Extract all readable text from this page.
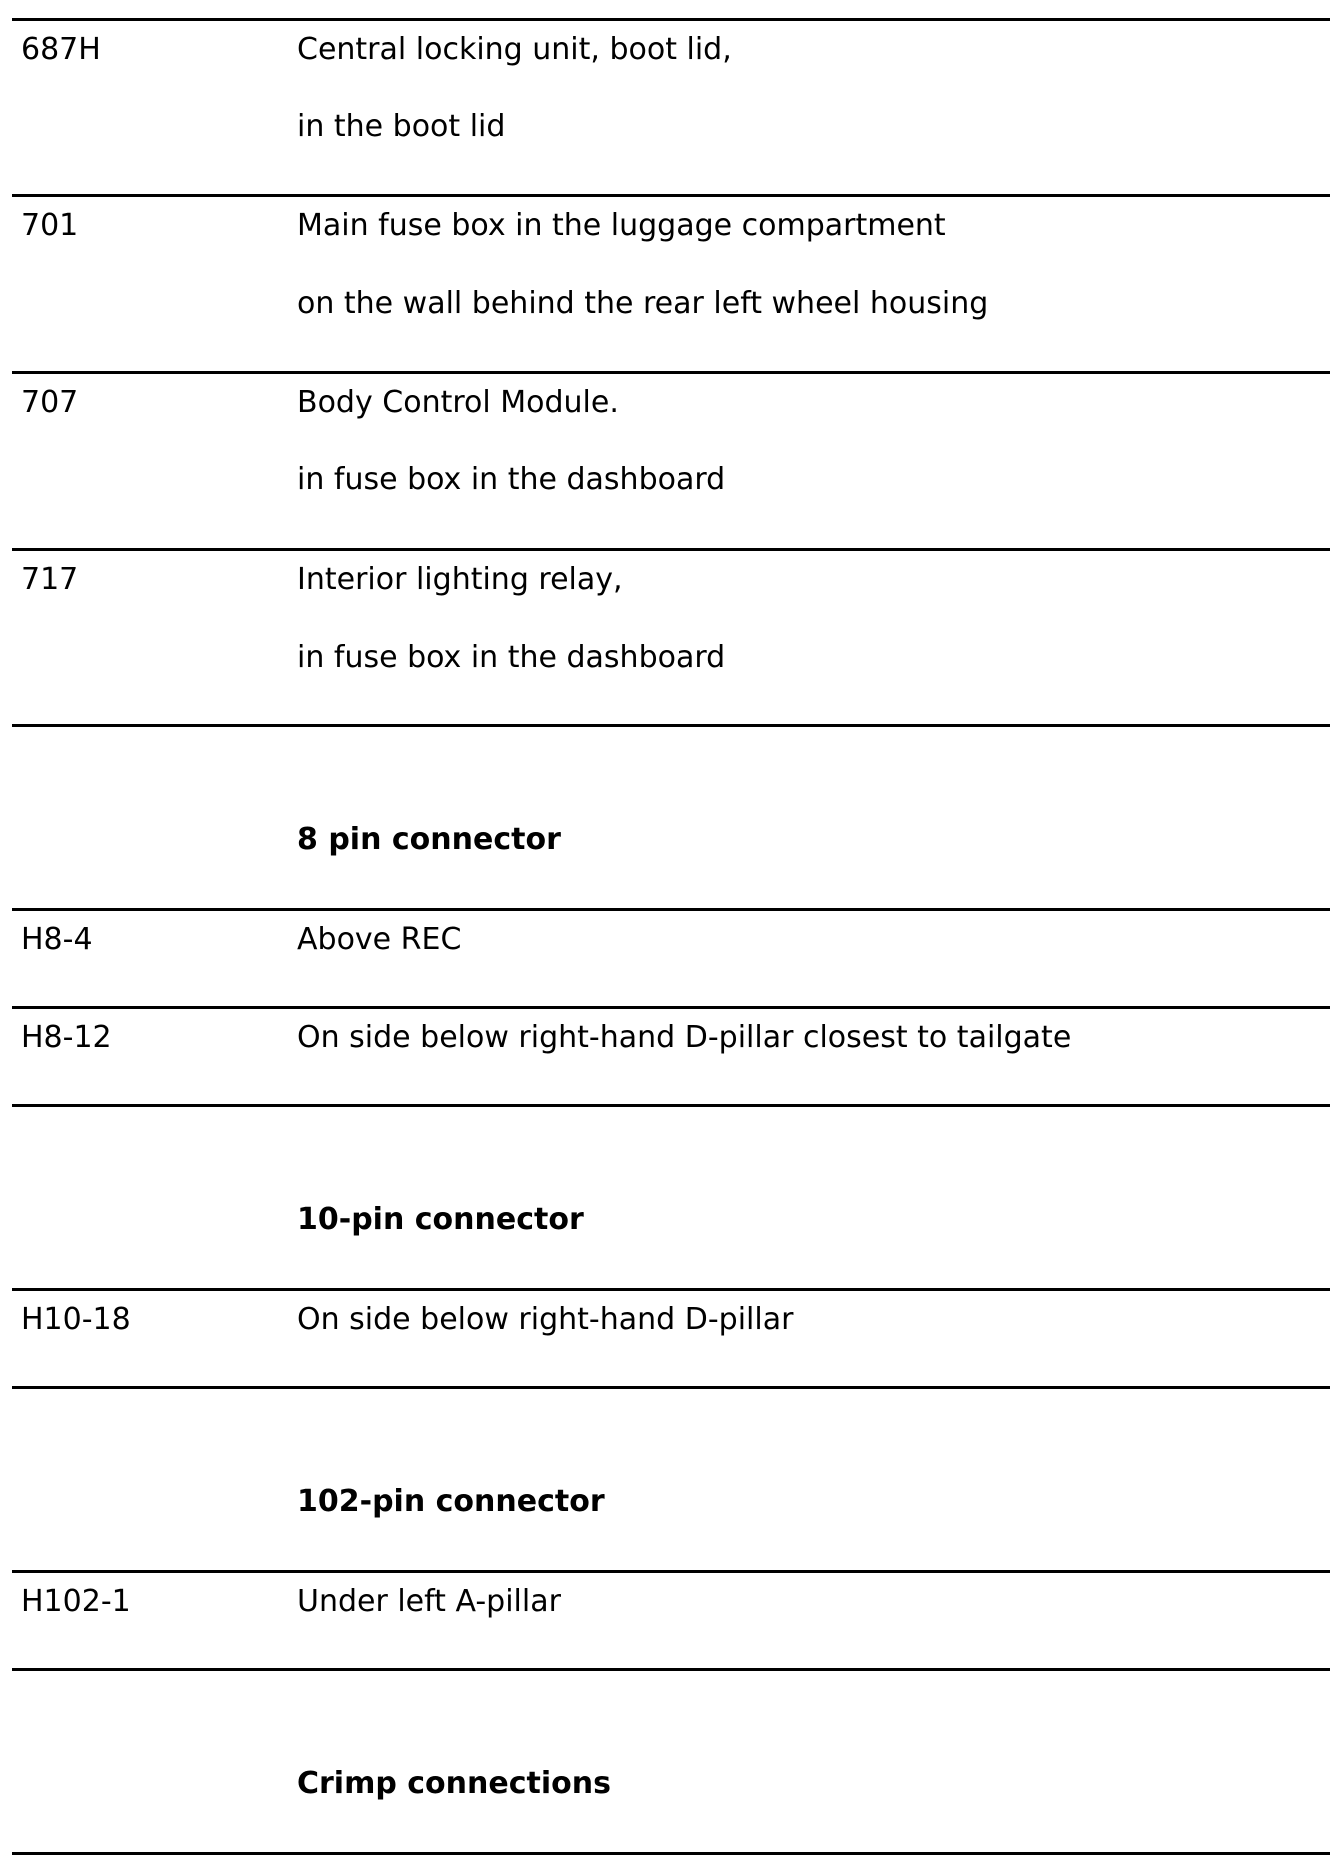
687H	Central locking unit, boot lid,
in the boot lid
701	Main fuse box in the luggage compartment
on the wall behind the rear left wheel housing
707	Body Control Module.
in fuse box in the dashboard
717	Interior lighting relay,
in fuse box in the dashboard
8 pin connector
H8-4	Above REC
H8-12	On side below right-hand D-pillar closest to tailgate
10-pin connector
H10-18	On side below right-hand D-pillar
102-pin connector
H102-1	Under left A-pillar
Crimp connections
